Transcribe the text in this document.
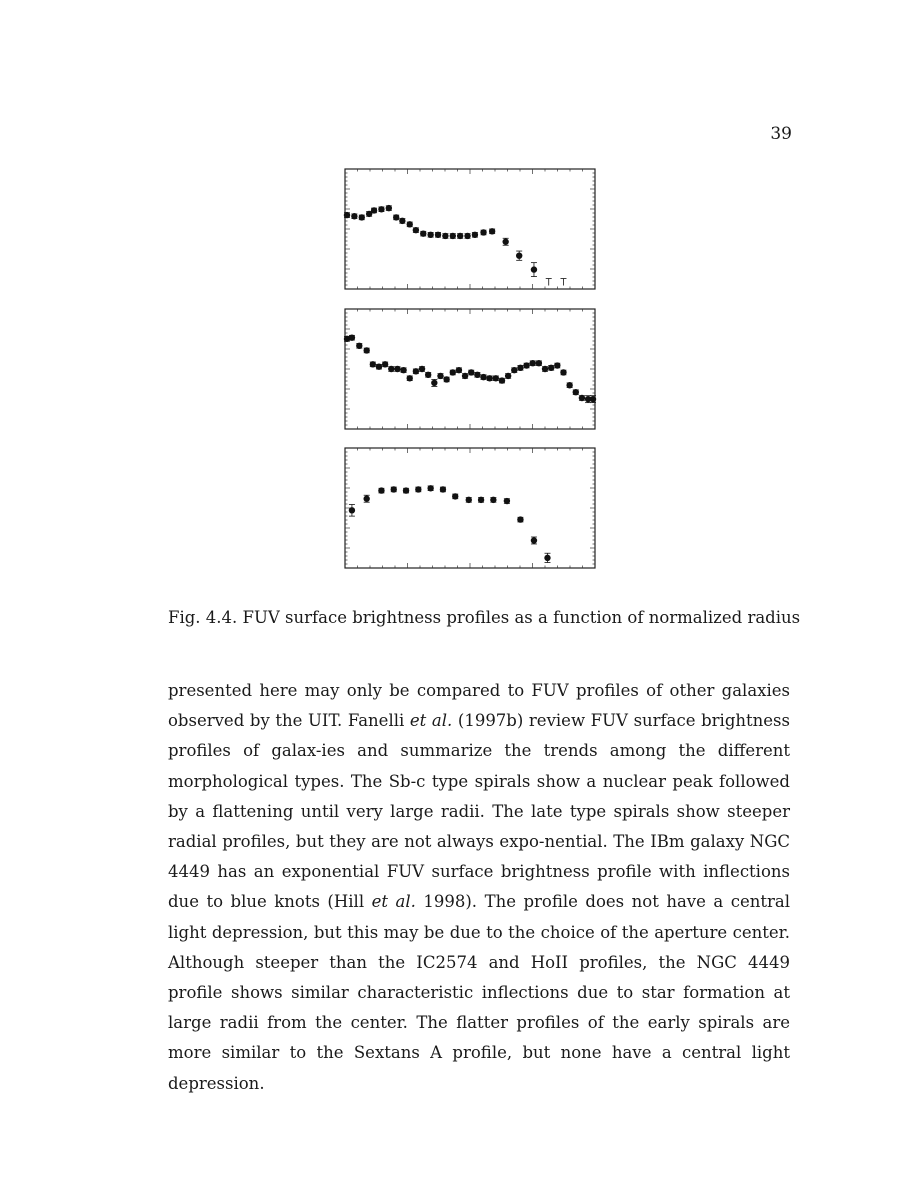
39
Fig. 4.4. FUV surface brightness profiles as a function of normalized radius
presented here may only be compared to FUV profiles of other galaxies observed by the UIT. Fanelli et al. (1997b) review FUV surface brightness profiles of galax-ies and summarize the trends among the different morphological types. The Sb-c type spirals show a nuclear peak followed by a flattening until very large radii. The late type spirals show steeper radial profiles, but they are not always expo-nential. The IBm galaxy NGC 4449 has an exponential FUV surface brightness profile with inflections due to blue knots (Hill et al. 1998). The profile does not have a central light depression, but this may be due to the choice of the aperture center. Although steeper than the IC2574 and HoII profiles, the NGC 4449 profile shows similar characteristic inflections due to star formation at large radii from the center. The flatter profiles of the early spirals are more similar to the Sextans A profile, but none have a central light depression.
